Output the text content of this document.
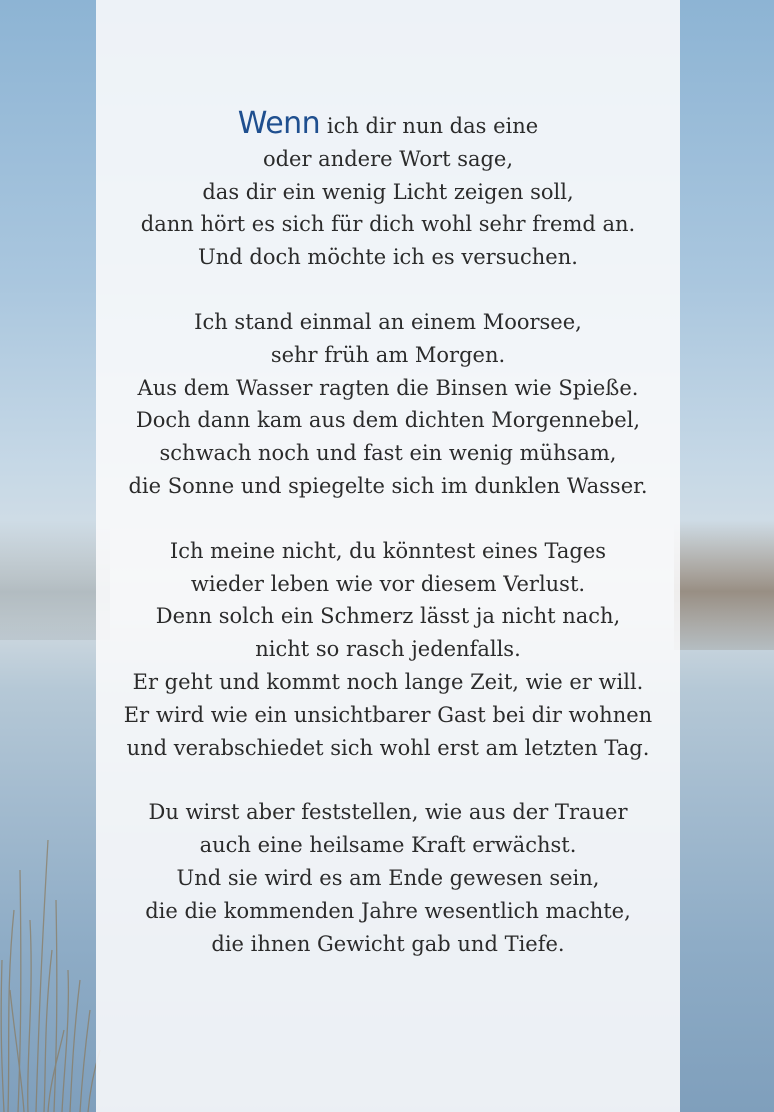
Wenn ich dir nun das eine
oder andere Wort sage,
das dir ein wenig Licht zeigen soll,
dann hört es sich für dich wohl sehr fremd an.
Und doch möchte ich es versuchen.
Ich stand einmal an einem Moorsee,
sehr früh am Morgen.
Aus dem Wasser ragten die Binsen wie Spieße.
Doch dann kam aus dem dichten Morgennebel,
schwach noch und fast ein wenig mühsam,
die Sonne und spiegelte sich im dunklen Wasser.
Ich meine nicht, du könntest eines Tages
wieder leben wie vor diesem Verlust.
Denn solch ein Schmerz lässt ja nicht nach,
nicht so rasch jedenfalls.
Er geht und kommt noch lange Zeit, wie er will.
Er wird wie ein unsichtbarer Gast bei dir wohnen
und verabschiedet sich wohl erst am letzten Tag.
Du wirst aber feststellen, wie aus der Trauer
auch eine heilsame Kraft erwächst.
Und sie wird es am Ende gewesen sein,
die die kommenden Jahre wesentlich machte,
die ihnen Gewicht gab und Tiefe.
